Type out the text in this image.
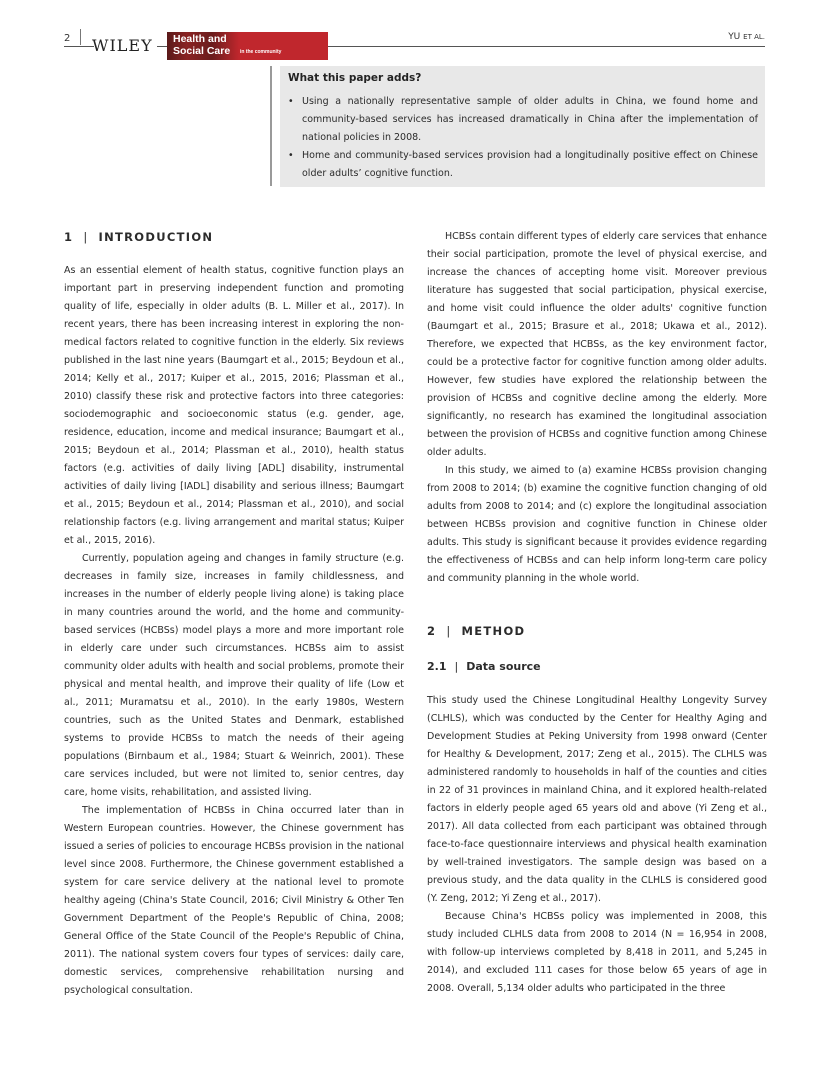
2 WILEY Health and
Social Care in the community
YU ET AL.
What this paper adds?
• Using a nationally representative sample of older adults in China, we found home and community-based services has increased dramatically in China after the implementation of national policies in 2008.
• Home and community-based services provision had a longitudinally positive effect on Chinese older adults’ cognitive function.
1 | INTRODUCTION

As an essential element of health status, cognitive function plays an important part in preserving independent function and promoting quality of life, especially in older adults (B. L. Miller et al., 2017). In recent years, there has been increasing interest in exploring the non-medical factors related to cognitive function in the elderly. Six reviews published in the last nine years (Baumgart et al., 2015; Beydoun et al., 2014; Kelly et al., 2017; Kuiper et al., 2015, 2016; Plassman et al., 2010) classify these risk and protective factors into three categories: sociodemographic and socioeconomic status (e.g. gender, age, residence, education, income and medical insurance; Baumgart et al., 2015; Beydoun et al., 2014; Plassman et al., 2010), health status factors (e.g. activities of daily living [ADL] disability, instrumental activities of daily living [IADL] disability and serious illness; Baumgart et al., 2015; Beydoun et al., 2014; Plassman et al., 2010), and social relationship factors (e.g. living arrangement and marital status; Kuiper et al., 2015, 2016).

Currently, population ageing and changes in family structure (e.g. decreases in family size, increases in family childlessness, and increases in the number of elderly people living alone) is taking place in many countries around the world, and the home and community-based services (HCBSs) model plays a more and more important role in elderly care under such circumstances. HCBSs aim to assist community older adults with health and social problems, promote their physical and mental health, and improve their quality of life (Low et al., 2011; Muramatsu et al., 2010). In the early 1980s, Western countries, such as the United States and Denmark, established systems to provide HCBSs to match the needs of their ageing populations (Birnbaum et al., 1984; Stuart & Weinrich, 2001). These care services included, but were not limited to, senior centres, day care, home visits, rehabilitation, and assisted living.

The implementation of HCBSs in China occurred later than in Western European countries. However, the Chinese government has issued a series of policies to encourage HCBSs provision in the national level since 2008. Furthermore, the Chinese government established a system for care service delivery at the national level to promote healthy ageing (China's State Council, 2016; Civil Ministry & Other Ten Government Department of the People's Republic of China, 2008; General Office of the State Council of the People's Republic of China, 2011). The national system covers four types of services: daily care, domestic services, comprehensive rehabilitation nursing and psychological consultation.

HCBSs contain different types of elderly care services that enhance their social participation, promote the level of physical exercise, and increase the chances of accepting home visit. Moreover previous literature has suggested that social participation, physical exercise, and home visit could influence the older adults' cognitive function (Baumgart et al., 2015; Brasure et al., 2018; Ukawa et al., 2012). Therefore, we expected that HCBSs, as the key environment factor, could be a protective factor for cognitive function among older adults. However, few studies have explored the relationship between the provision of HCBSs and cognitive decline among the elderly. More significantly, no research has examined the longitudinal association between the provision of HCBSs and cognitive function among Chinese older adults.

In this study, we aimed to (a) examine HCBSs provision changing from 2008 to 2014; (b) examine the cognitive function changing of old adults from 2008 to 2014; and (c) explore the longitudinal association between HCBSs provision and cognitive function in Chinese older adults. This study is significant because it provides evidence regarding the effectiveness of HCBSs and can help inform long-term care policy and community planning in the whole world.

2 | METHOD
2.1 | Data source

This study used the Chinese Longitudinal Healthy Longevity Survey (CLHLS), which was conducted by the Center for Healthy Aging and Development Studies at Peking University from 1998 onward (Center for Healthy & Development, 2017; Zeng et al., 2015). The CLHLS was administered randomly to households in half of the counties and cities in 22 of 31 provinces in mainland China, and it explored health-related factors in elderly people aged 65 years old and above (Yi Zeng et al., 2017). All data collected from each participant was obtained through face-to-face questionnaire interviews and physical health examination by well-trained investigators. The sample design was based on a previous study, and the data quality in the CLHLS is considered good (Y. Zeng, 2012; Yi Zeng et al., 2017).

Because China's HCBSs policy was implemented in 2008, this study included CLHLS data from 2008 to 2014 (N = 16,954 in 2008, with follow-up interviews completed by 8,418 in 2011, and 5,245 in 2014), and excluded 111 cases for those below 65 years of age in 2008. Overall, 5,134 older adults who participated in the three
